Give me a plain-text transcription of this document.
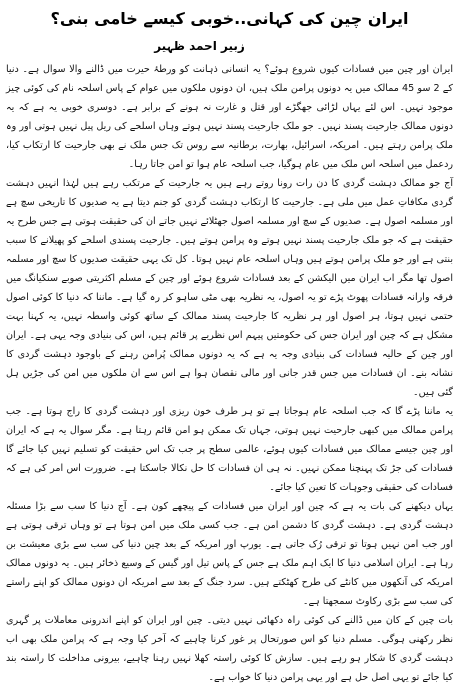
ایران چین کی کہانی..خوبی کیسے خامی بنی؟
زبیر احمد ظہیر

ایران اور چین میں فسادات کیوں شروع ہوئے؟ یہ انسانی ذہانت کو ورطۂ حیرت میں ڈالنے والا سوال ہے۔ دنیا کے 2 سو 45 ممالک میں یہ دونوں پرامن ملک ہیں، ان دونوں ملکوں میں عوام کے پاس اسلحہ نام کی کوئی چیز موجود نہیں۔ اس لئے یہاں لڑائی جھگڑے اور قتل و غارت نہ ہونے کے برابر ہے۔ دوسری خوبی یہ ہے کہ یہ دونوں ممالک جارحیت پسند نہیں۔ جو ملک جارحیت پسند نہیں ہوتے وہاں اسلحے کی ریل پیل نہیں ہوتی اور وہ ملک پرامن رہتے ہیں۔ امریکہ، اسرائیل، بھارت، برطانیہ سے روس تک جس ملک نے بھی جارحیت کا ارتکاب کیا، ردعمل میں اسلحہ اس ملک میں عام ہوگیا، جب اسلحہ عام ہوا تو امن جاتا رہا۔

آج جو ممالک دہشت گردی کا دن رات رونا روتے رہے ہیں یہ جارحیت کے مرتکب رہے ہیں لہٰذا انہیں دہشت گردی مکافاتِ عمل میں ملی ہے۔ جارحیت کا ارتکاب دہشت گردی کو جنم دیتا ہے یہ صدیوں کا تاریخی سچ ہے اور مسلمہ اصول ہے۔ صدیوں کے سچ اور مسلمہ اصول جھٹلائے نہیں جاتے ان کی حقیقت ہوتی ہے جس طرح یہ حقیقت ہے کہ جو ملک جارحیت پسند نہیں ہوتے وہ پرامن ہوتے ہیں۔ جارحیت پسندی اسلحے کو پھیلانے کا سبب بنتی ہے اور جو ملک پرامن ہوتے ہیں وہاں اسلحہ عام نہیں ہوتا۔ کل تک یہی حقیقت صدیوں کا سچ اور مسلمہ اصول تھا مگر اب ایران میں الیکشن کے بعد فسادات شروع ہوئے اور چین کے مسلم اکثریتی صوبے سنکیانگ میں فرقہ وارانہ فسادات پھوٹ پڑے تو یہ اصول، یہ نظریہ بھی مٹی ساہو کر رہ گیا ہے۔ ماننا کہ دنیا کا کوئی اصول حتمی نہیں ہوتا، ہر اصول اور ہر نظریہ کا جارحیت پسند ممالک کے ساتھ کوئی واسطہ نہیں، یہ کہنا بہت مشکل ہے کہ چین اور ایران جس کی حکومتیں پیہم اس نظریے پر قائم ہیں، اس کی بنیادی وجہ یہی ہے۔ ایران اور چین کے حالیہ فسادات کی بنیادی وجہ یہ ہے کہ یہ دونوں ممالک پُرامن رہنے کے باوجود دہشت گردی کا نشانہ بنے۔ ان فسادات میں جس قدر جانی اور مالی نقصان ہوا ہے اس سے ان ملکوں میں امن کی جڑیں ہل گئی ہیں۔

یہ ماننا پڑے گا کہ جب اسلحہ عام ہوجاتا ہے تو ہر طرف خون ریزی اور دہشت گردی کا راج ہوتا ہے۔ جب پرامن ممالک میں کبھی جارحیت نہیں ہوتی، جہاں تک ممکن ہو امن قائم رہتا ہے۔ مگر سوال یہ ہے کہ ایران اور چین جیسے ممالک میں فسادات کیوں ہوئے، عالمی سطح پر جب تک اس حقیقت کو تسلیم نہیں کیا جائے گا فسادات کی جڑ تک پہنچنا ممکن نہیں۔ نہ ہی ان فسادات کا حل نکالا جاسکتا ہے۔ ضرورت اس امر کی ہے کہ فسادات کی حقیقی وجوہات کا تعین کیا جائے۔

یہاں دیکھنے کی بات یہ ہے کہ چین اور ایران میں فسادات کے پیچھے کون ہے۔ آج دنیا کا سب سے بڑا مسئلہ دہشت گردی ہے۔ دہشت گردی کا دشمن امن ہے۔ جب کسی ملک میں امن ہوتا ہے تو وہاں ترقی ہوتی ہے اور جب امن نہیں ہوتا تو ترقی رُک جاتی ہے۔ یورپ اور امریکہ کے بعد چین دنیا کی سب سے بڑی معیشت بن رہا ہے۔ ایران اسلامی دنیا کا ایک اہم ملک ہے جس کے پاس تیل اور گیس کے وسیع ذخائر ہیں۔ یہ دونوں ممالک امریکہ کی آنکھوں میں کانٹے کی طرح کھٹکتے ہیں۔ سرد جنگ کے بعد سے امریکہ ان دونوں ممالک کو اپنے راستے کی سب سے بڑی رکاوٹ سمجھتا ہے۔

بات چین کے کان میں ڈالنے کی کوئی راہ دکھائی نہیں دیتی۔ چین اور ایران کو اپنے اندرونی معاملات پر گہری نظر رکھنی ہوگی۔ مسلم دنیا کو اس صورتحال پر غور کرنا چاہیے کہ آخر کیا وجہ ہے کہ پرامن ملک بھی اب دہشت گردی کا شکار ہو رہے ہیں۔ سازش کا کوئی راستہ کھلا نہیں رہنا چاہیے، بیرونی مداخلت کا راستہ بند کیا جائے تو یہی اصل حل ہے اور یہی پرامن دنیا کا خواب ہے۔
